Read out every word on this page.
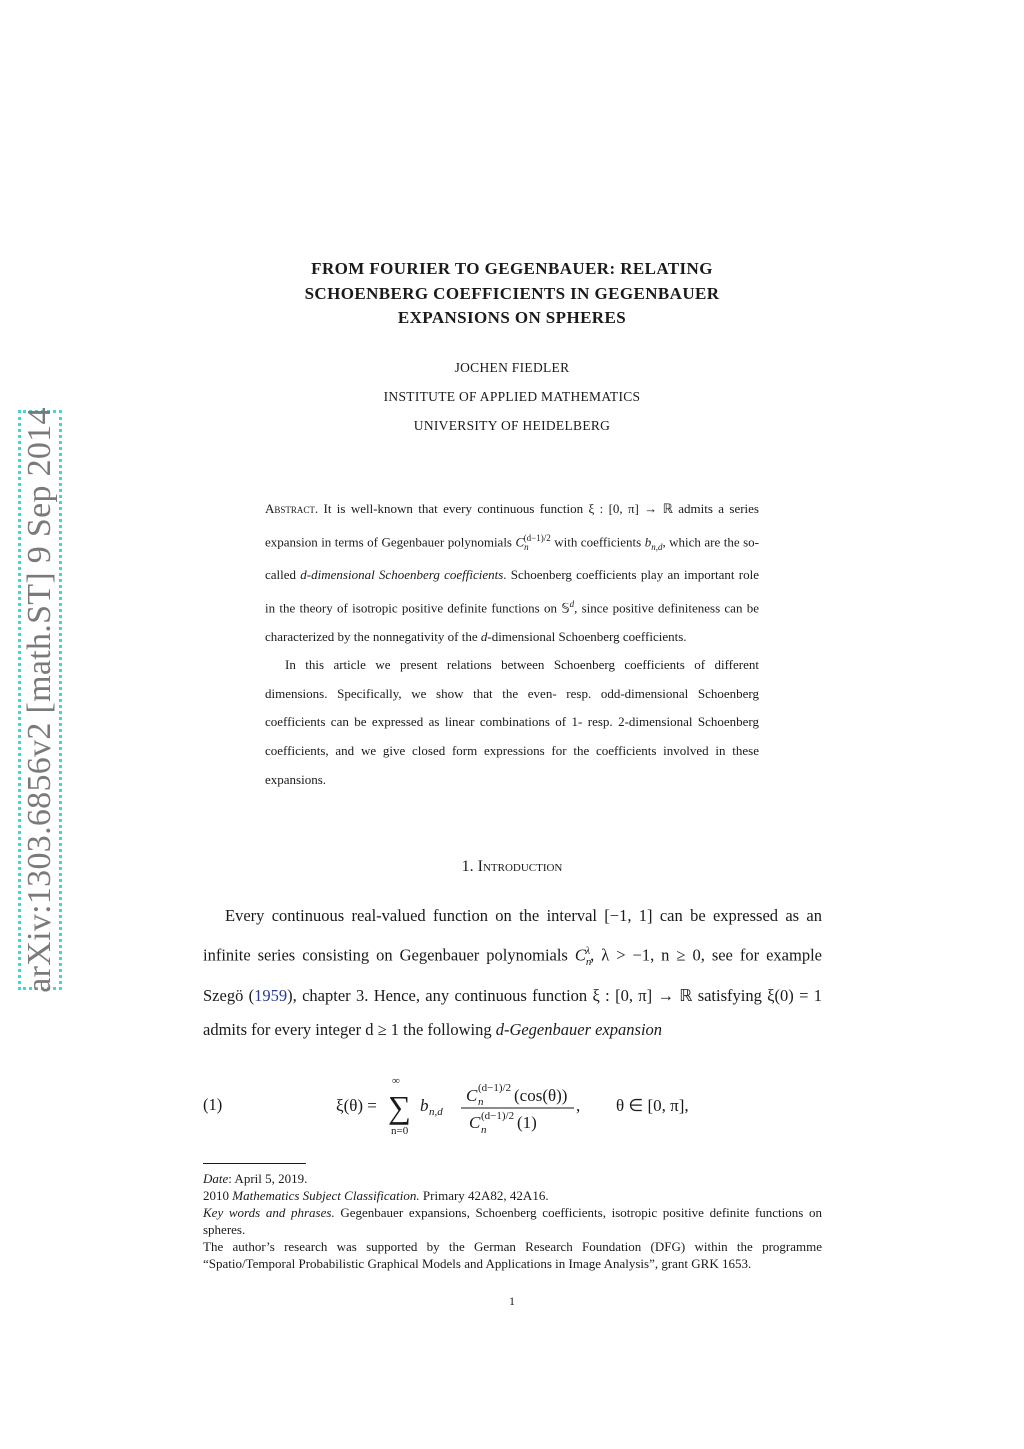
arXiv:1303.6856v2 [math.ST] 9 Sep 2014
FROM FOURIER TO GEGENBAUER: RELATING
SCHOENBERG COEFFICIENTS IN GEGENBAUER
EXPANSIONS ON SPHERES
JOCHEN FIEDLER
INSTITUTE OF APPLIED MATHEMATICS
UNIVERSITY OF HEIDELBERG

Abstract. It is well-known that every continuous function ξ : [0, π] → ℝ admits a series expansion in terms of Gegenbauer polynomials $C_n^{(d-1)/2}$ with coefficients $b_{n,d}$, which are the so-called d-dimensional Schoenberg coefficients. Schoenberg coefficients play an important role in the theory of isotropic positive definite functions on 𝕊$^d$, since positive definiteness can be characterized by the nonnegativity of the d-dimensional Schoenberg coefficients.

In this article we present relations between Schoenberg coefficients of different dimensions. Specifically, we show that the even- resp. odd-dimensional Schoenberg coefficients can be expressed as linear combinations of 1- resp. 2-dimensional Schoenberg coefficients, and we give closed form expressions for the coefficients involved in these expansions.

1. Introduction

Every continuous real-valued function on the interval [−1, 1] can be expressed as an infinite series consisting on Gegenbauer polynomials $C_n^\lambda$, λ > −1, n ≥ 0, see for example Szegö (1959), chapter 3. Hence, any continuous function ξ : [0, π] → ℝ satisfying ξ(0) = 1 admits for every integer d ≥ 1 the following d-Gegenbauer expansion

(1)	ξ(θ) =
∞
∑
n=0
b n,d
C (d−1)/2
n (cos(θ))
C (d−1)/2
n (1)
, θ ∈ [0, π],

Date: April 5, 2019.

2010 Mathematics Subject Classification. Primary 42A82, 42A16.

Key words and phrases. Gegenbauer expansions, Schoenberg coefficients, isotropic positive definite functions on spheres.

The author’s research was supported by the German Research Foundation (DFG) within the programme “Spatio/Temporal Probabilistic Graphical Models and Applications in Image Analysis”, grant GRK 1653.

1
